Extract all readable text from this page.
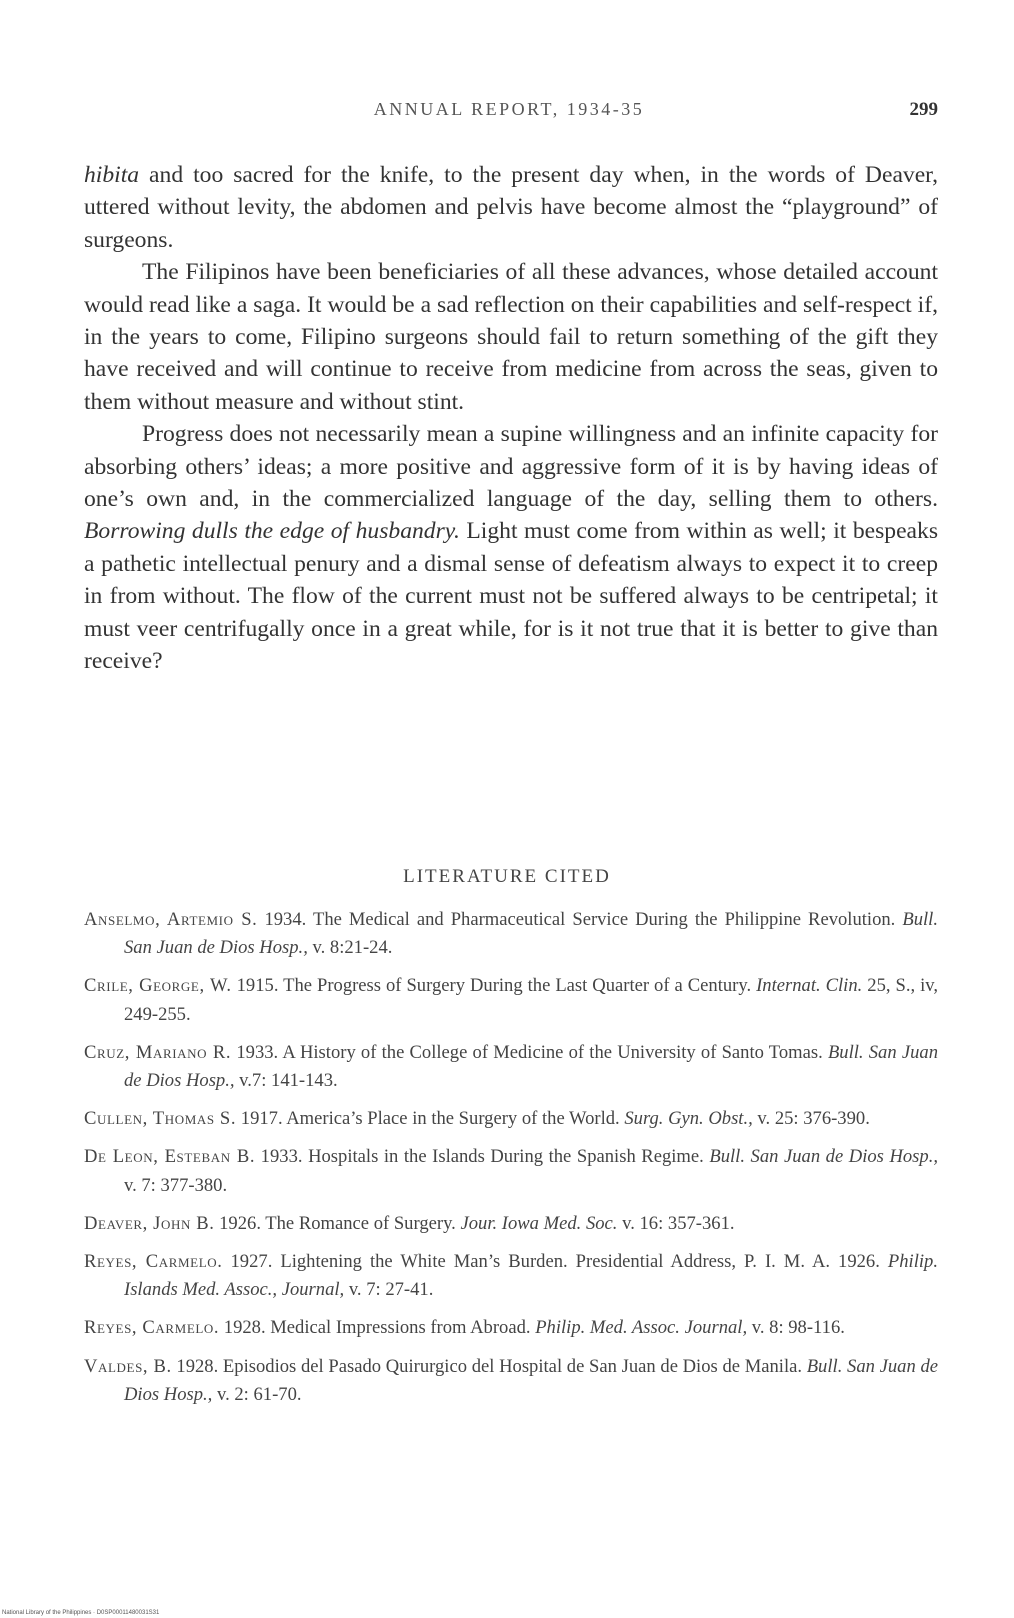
ANNUAL REPORT, 1934-35	299

hibita and too sacred for the knife, to the present day when, in the words of Deaver, uttered without levity, the abdomen and pelvis have become almost the “playground” of surgeons.

The Filipinos have been beneficiaries of all these advances, whose detailed account would read like a saga. It would be a sad reflection on their capabilities and self-respect if, in the years to come, Filipino surgeons should fail to return something of the gift they have received and will continue to receive from medicine from across the seas, given to them without measure and without stint.

Progress does not necessarily mean a supine willingness and an infinite capacity for absorbing others’ ideas; a more positive and aggressive form of it is by having ideas of one’s own and, in the commercialized language of the day, selling them to others. Borrowing dulls the edge of husbandry. Light must come from within as well; it bespeaks a pathetic intellectual penury and a dismal sense of defeatism always to expect it to creep in from without. The flow of the current must not be suffered always to be centripetal; it must veer centrifugally once in a great while, for is it not true that it is better to give than receive?

LITERATURE CITED

Anselmo, Artemio S. 1934. The Medical and Pharmaceutical Service During the Philippine Revolution. Bull. San Juan de Dios Hosp., v. 8:21-24.

Crile, George, W. 1915. The Progress of Surgery During the Last Quarter of a Century. Internat. Clin. 25, S., iv, 249-255.

Cruz, Mariano R. 1933. A History of the College of Medicine of the University of Santo Tomas. Bull. San Juan de Dios Hosp., v.7: 141-143.

Cullen, Thomas S. 1917. America’s Place in the Surgery of the World. Surg. Gyn. Obst., v. 25: 376-390.

De Leon, Esteban B. 1933. Hospitals in the Islands During the Spanish Regime. Bull. San Juan de Dios Hosp., v. 7: 377-380.

Deaver, John B. 1926. The Romance of Surgery. Jour. Iowa Med. Soc. v. 16: 357-361.

Reyes, Carmelo. 1927. Lightening the White Man’s Burden. Presidential Address, P. I. M. A. 1926. Philip. Islands Med. Assoc., Journal, v. 7: 27-41.

Reyes, Carmelo. 1928. Medical Impressions from Abroad. Philip. Med. Assoc. Journal, v. 8: 98-116.

Valdes, B. 1928. Episodios del Pasado Quirurgico del Hospital de San Juan de Dios de Manila. Bull. San Juan de Dios Hosp., v. 2: 61-70.

National Library of the Philippines · D0SP00011480031S31
